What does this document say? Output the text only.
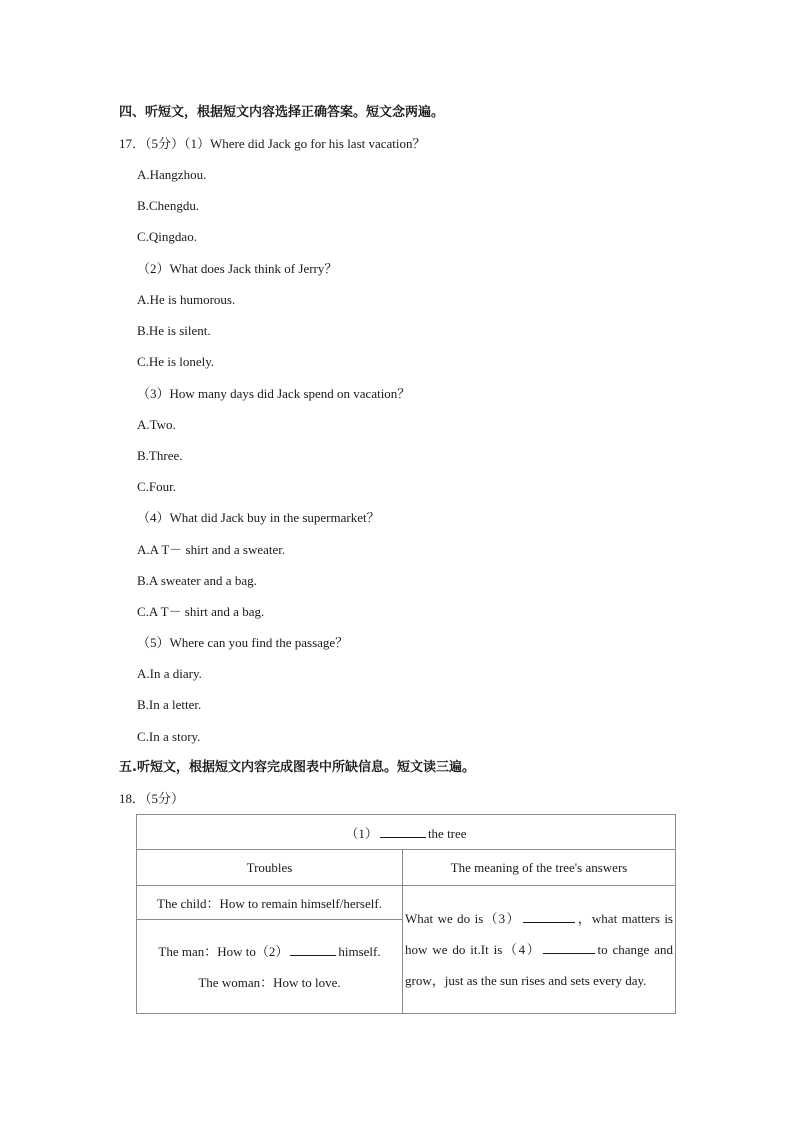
四、听短文，根据短文内容选择正确答案。短文念两遍。
17．（5分）（1）Where did Jack go for his last vacation？
A.Hangzhou.
B.Chengdu.
C.Qingdao.
（2）What does Jack think of Jerry？
A.He is humorous.
B.He is silent.
C.He is lonely.
（3）How many days did Jack spend on vacation？
A.Two.
B.Three.
C.Four.
（4）What did Jack buy in the supermarket？
A.A T－ shirt and a sweater.
B.A sweater and a bag.
C.A T－ shirt and a bag.
（5）Where can you find the passage？
A.In a diary.
B.In a letter.
C.In a story.
五.听短文，根据短文内容完成图表中所缺信息。短文读三遍。
18．（5分）
（1） the tree	
Troubles	The meaning of the tree's answers
The child：How to remain himself/herself.	What we do is（3） ，what matters is how we do it.It is（4） to change and grow，just as the sun rises and sets every day.

The man：How to（2） himself.
The woman：How to love.	
